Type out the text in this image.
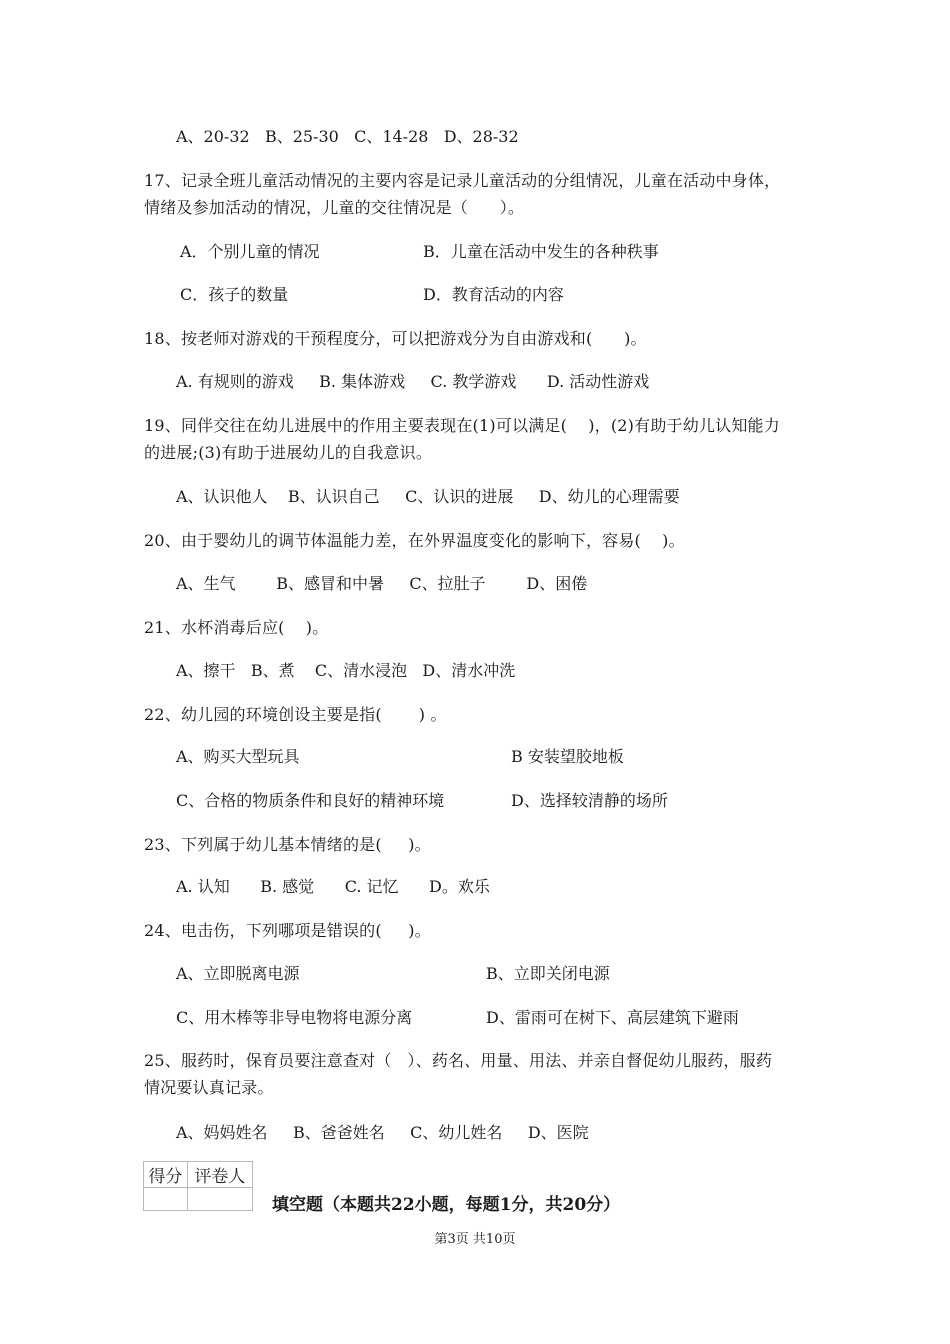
A、20-32   B、25-30   C、14-28   D、28-32
17、记录全班儿童活动情况的主要内容是记录儿童活动的分组情况，儿童在活动中身体，
情绪及参加活动的情况，儿童的交往情况是（      ）。
A．个别儿童的情况	B．儿童在活动中发生的各种秩事
C．孩子的数量	D．教育活动的内容
18、按老师对游戏的干预程度分，可以把游戏分为自由游戏和(      )。
A. 有规则的游戏     B. 集体游戏     C. 教学游戏      D. 活动性游戏
19、同伴交往在幼儿进展中的作用主要表现在(1)可以满足(    )，(2)有助于幼儿认知能力
的进展;(3)有助于进展幼儿的自我意识。
A、认识他人    B、认识自己     C、认识的进展     D、幼儿的心理需要
20、由于婴幼儿的调节体温能力差，在外界温度变化的影响下，容易(    )。
A、生气        B、感冒和中暑     C、拉肚子        D、困倦
21、水杯消毒后应(    )。
A、擦干   B、煮    C、清水浸泡   D、清水冲洗
22、幼儿园的环境创设主要是指(       ) 。
A、购买大型玩具	B 安装望胶地板
C、合格的物质条件和良好的精神环境	D、选择较清静的场所
23、下列属于幼儿基本情绪的是(     )。
A. 认知      B. 感觉      C. 记忆      D。欢乐
24、电击伤，下列哪项是错误的(     )。
A、立即脱离电源	B、立即关闭电源
C、用木棒等非导电物将电源分离	D、雷雨可在树下、高层建筑下避雨
25、服药时，保育员要注意查对（   ）、药名、用量、用法、并亲自督促幼儿服药，服药
情况要认真记录。
A、妈妈姓名     B、爸爸姓名     C、幼儿姓名     D、医院
得分	评卷人

填空题（本题共22小题，每题1分，共20分）
第3页 共10页
